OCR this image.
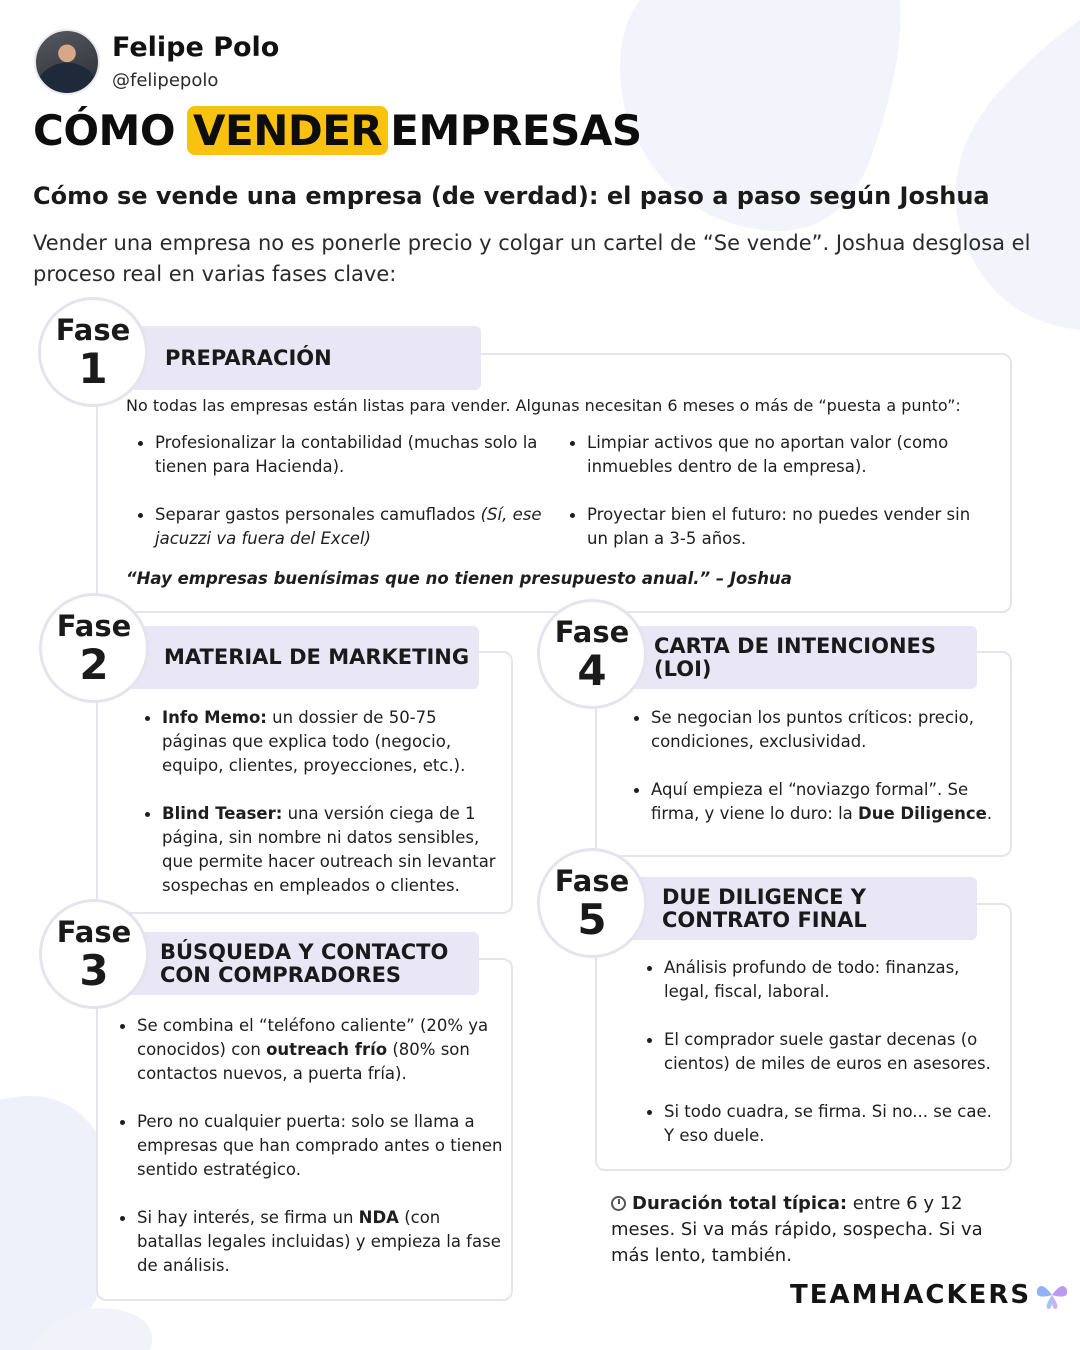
Felipe Polo
@felipepolo
CÓMO VENDER EMPRESAS
Cómo se vende una empresa (de verdad): el paso a paso según Joshua
Vender una empresa no es ponerle precio y colgar un cartel de “Se vende”. Joshua desglosa el proceso real en varias fases clave:
PREPARACIÓN
Fase
1
No todas las empresas están listas para vender. Algunas necesitan 6 meses o más de “puesta a punto”:
Profesionalizar la contabilidad (muchas solo la tienen para Hacienda).
Separar gastos personales camuflados (Sí, ese jacuzzi va fuera del Excel)
Limpiar activos que no aportan valor (como inmuebles dentro de la empresa).
Proyectar bien el futuro: no puedes vender sin un plan a 3-5 años.
“Hay empresas buenísimas que no tienen presupuesto anual.” – Joshua
MATERIAL DE MARKETING
Fase
2
Info Memo: un dossier de 50-75 páginas que explica todo (negocio, equipo, clientes, proyecciones, etc.).
Blind Teaser: una versión ciega de 1 página, sin nombre ni datos sensibles, que permite hacer outreach sin levantar sospechas en empleados o clientes.
BÚSQUEDA Y CONTACTO
CON COMPRADORES
Fase
3
Se combina el “teléfono caliente” (20% ya conocidos) con outreach frío (80% son contactos nuevos, a puerta fría).
Pero no cualquier puerta: solo se llama a empresas que han comprado antes o tienen sentido estratégico.
Si hay interés, se firma un NDA (con batallas legales incluidas) y empieza la fase de análisis.
CARTA DE INTENCIONES
(LOI)
Fase
4
Se negocian los puntos críticos: precio, condiciones, exclusividad.
Aquí empieza el “noviazgo formal”. Se firma, y viene lo duro: la Due Diligence.
DUE DILIGENCE Y
CONTRATO FINAL
Fase
5
Análisis profundo de todo: finanzas, legal, fiscal, laboral.
El comprador suele gastar decenas (o cientos) de miles de euros en asesores.
Si todo cuadra, se firma. Si no... se cae. Y eso duele.
Duración total típica: entre 6 y 12 meses. Si va más rápido, sospecha. Si va más lento, también.
TEAMHACKERS
